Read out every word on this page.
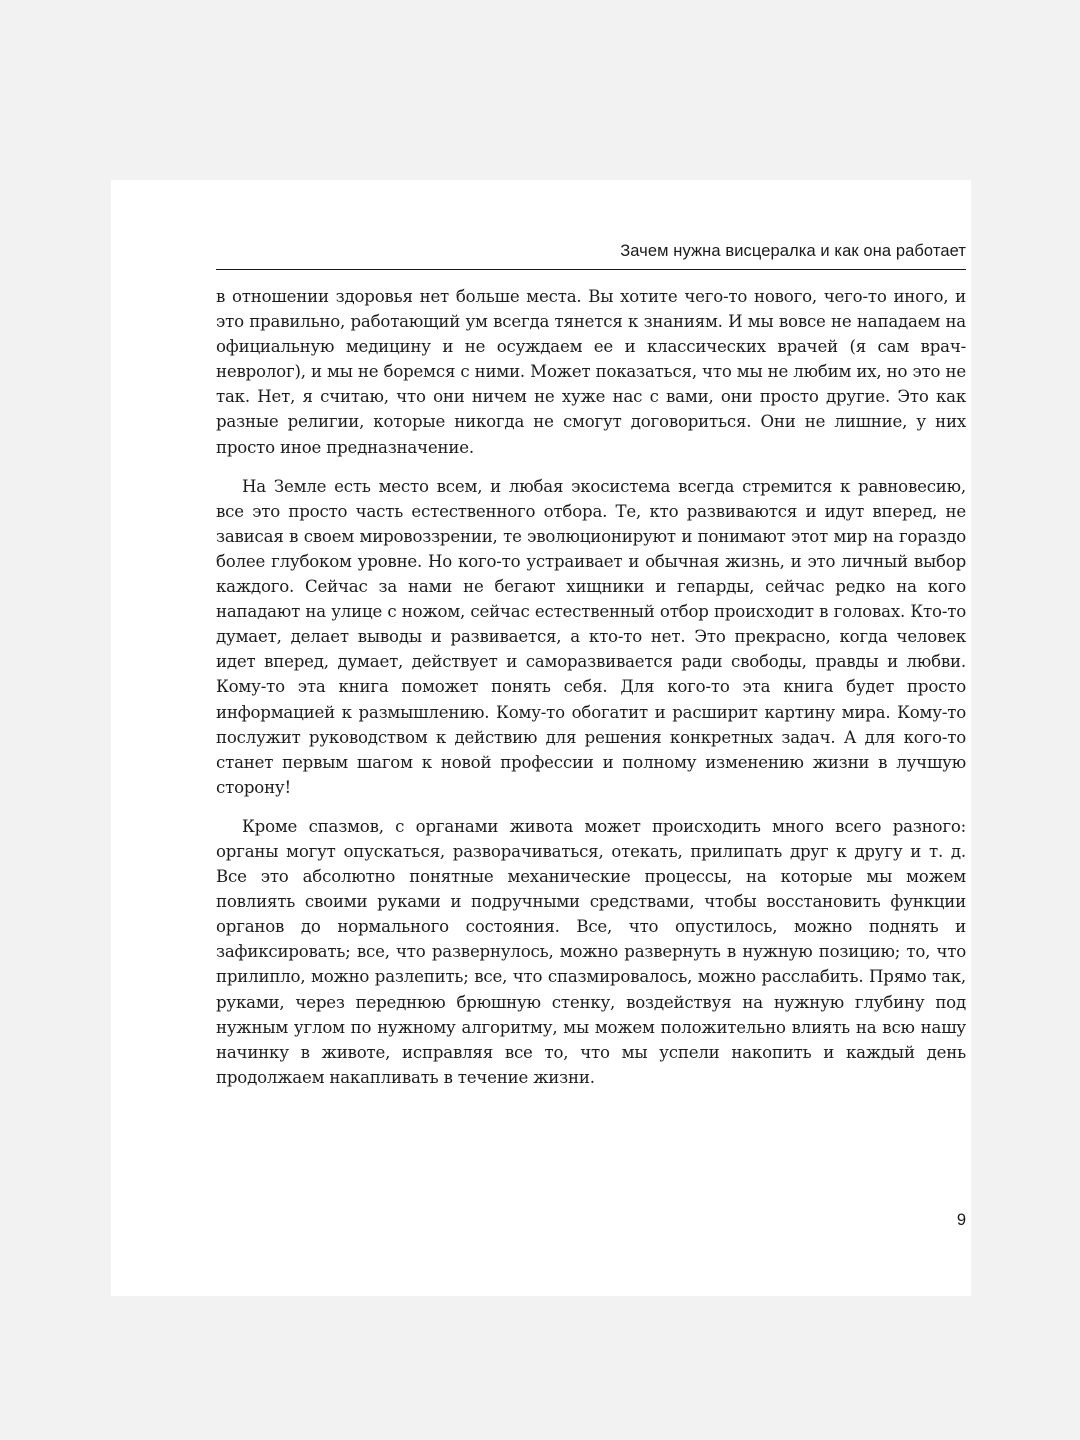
Зачем нужна висцералка и как она работает

в отношении здоровья нет больше места. Вы хотите чего-то нового, чего-то иного, и это правильно, работающий ум всегда тянется к знаниям. И мы вовсе не нападаем на официальную медицину и не осуждаем ее и классических врачей (я сам врач-невролог), и мы не боремся с ними. Может показаться, что мы не любим их, но это не так. Нет, я считаю, что они ничем не хуже нас с вами, они просто другие. Это как разные религии, которые никогда не смогут договориться. Они не лишние, у них просто иное предназначение.

На Земле есть место всем, и любая экосистема всегда стремится к равновесию, все это просто часть естественного отбора. Те, кто развиваются и идут вперед, не зависая в своем мировоззрении, те эволюционируют и понимают этот мир на гораздо более глубоком уровне. Но кого-то устраивает и обычная жизнь, и это личный выбор каждого. Сейчас за нами не бегают хищники и гепарды, сейчас редко на кого нападают на улице с ножом, сейчас естественный отбор происходит в головах. Кто-то думает, делает выводы и развивается, а кто-то нет. Это прекрасно, когда человек идет вперед, думает, действует и саморазвивается ради свободы, правды и любви. Кому-то эта книга поможет понять себя. Для кого-то эта книга будет просто информацией к размышлению. Кому-то обогатит и расширит картину мира. Кому-то послужит руководством к действию для решения конкретных задач. А для кого-то станет первым шагом к новой профессии и полному изменению жизни в лучшую сторону!

Кроме спазмов, с органами живота может происходить много всего разного: органы могут опускаться, разворачиваться, отекать, прилипать друг к другу и т. д. Все это абсолютно понятные механические процессы, на которые мы можем повлиять своими руками и подручными средствами, чтобы восстановить функции органов до нормального состояния. Все, что опустилось, можно поднять и зафиксировать; все, что развернулось, можно развернуть в нужную позицию; то, что прилипло, можно разлепить; все, что спазмировалось, можно расслабить. Прямо так, руками, через переднюю брюшную стенку, воздействуя на нужную глубину под нужным углом по нужному алгоритму, мы можем положительно влиять на всю нашу начинку в животе, исправляя все то, что мы успели накопить и каждый день продолжаем накапливать в течение жизни.

9
